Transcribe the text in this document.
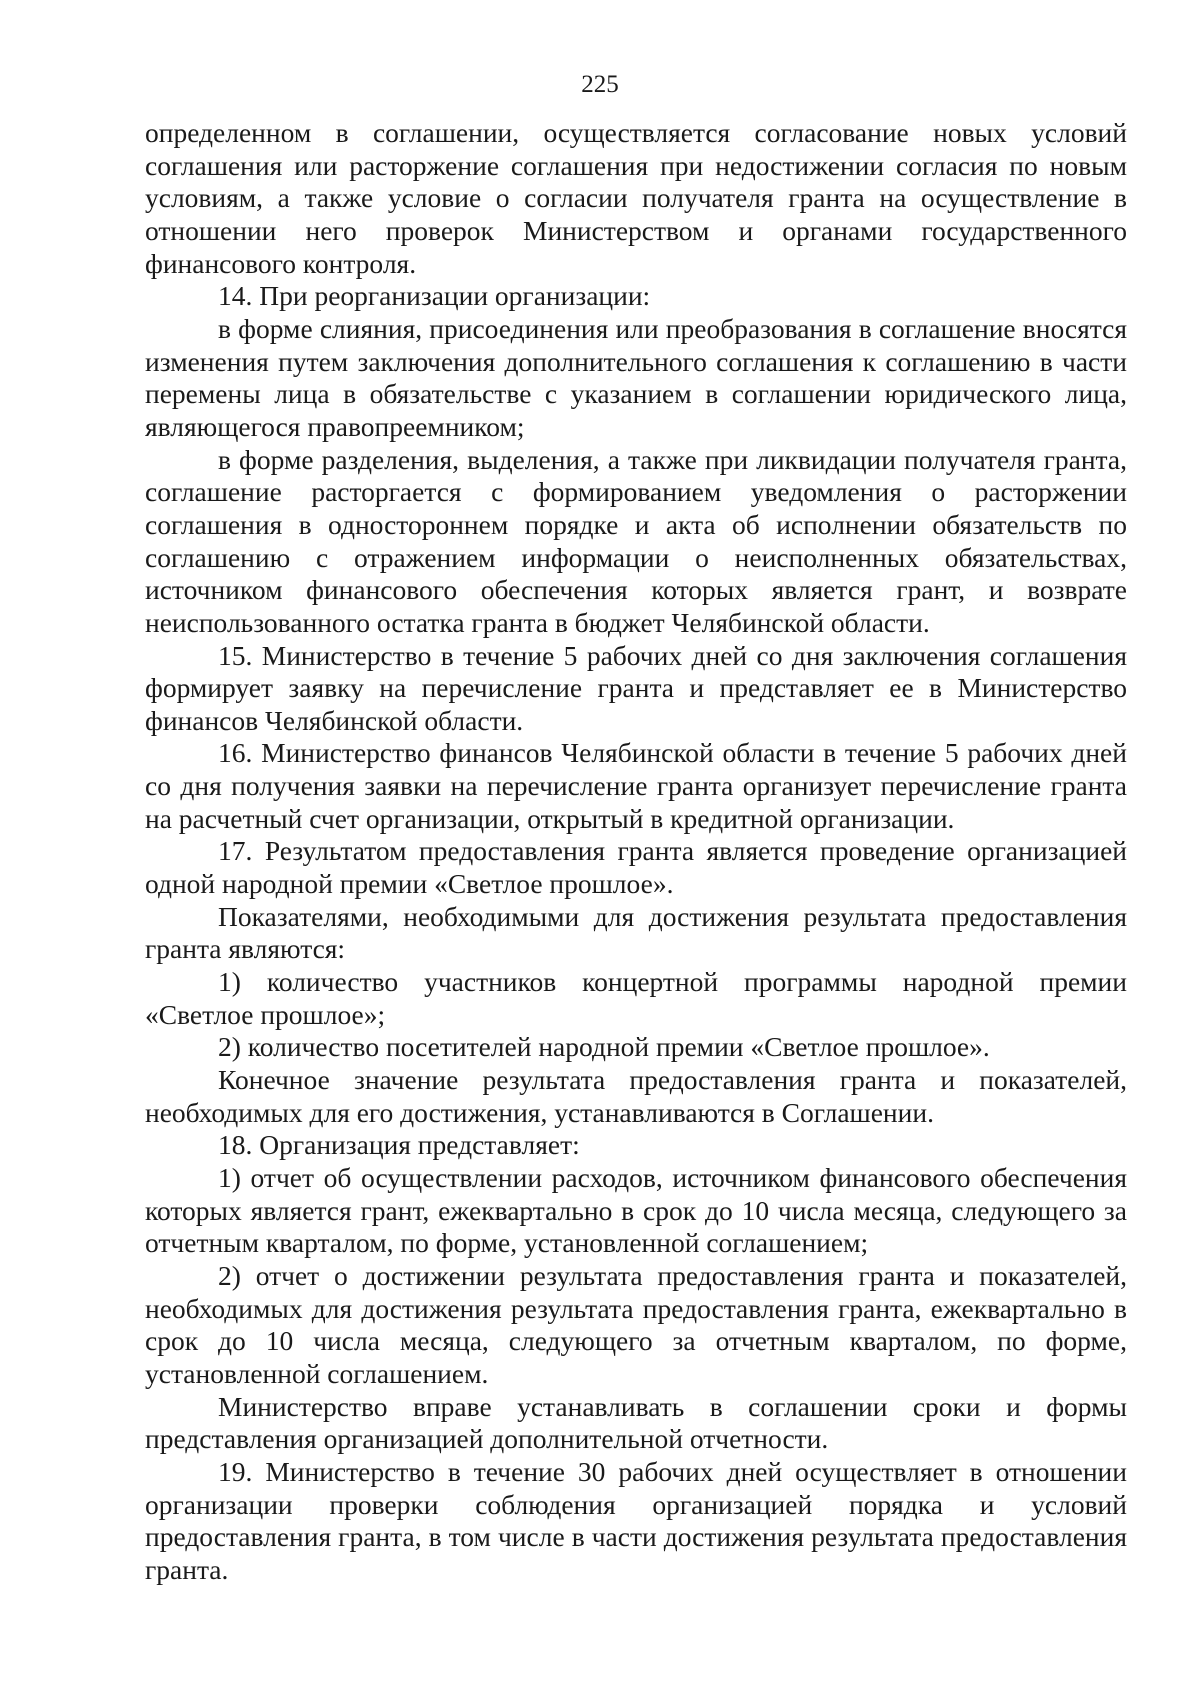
225

определенном в соглашении, осуществляется согласование новых условий соглашения или расторжение соглашения при недостижении согласия по новым условиям, а также условие о согласии получателя гранта на осуществление в отношении него проверок Министерством и органами государственного финансового контроля.

14. При реорганизации организации:

в форме слияния, присоединения или преобразования в соглашение вносятся изменения путем заключения дополнительного соглашения к соглашению в части перемены лица в обязательстве с указанием в соглашении юридического лица, являющегося правопреемником;

в форме разделения, выделения, а также при ликвидации получателя гранта, соглашение расторгается с формированием уведомления о расторжении соглашения в одностороннем порядке и акта об исполнении обязательств по соглашению с отражением информации о неисполненных обязательствах, источником финансового обеспечения которых является грант, и возврате неиспользованного остатка гранта в бюджет Челябинской области.

15. Министерство в течение 5 рабочих дней со дня заключения соглашения формирует заявку на перечисление гранта и представляет ее в Министерство финансов Челябинской области.

16. Министерство финансов Челябинской области в течение 5 рабочих дней со дня получения заявки на перечисление гранта организует перечисление гранта на расчетный счет организации, открытый в кредитной организации.

17. Результатом предоставления гранта является проведение организацией одной народной премии «Светлое прошлое».

Показателями, необходимыми для достижения результата предоставления гранта являются:

1) количество участников концертной программы народной премии «Светлое прошлое»;

2) количество посетителей народной премии «Светлое прошлое».

Конечное значение результата предоставления гранта и показателей, необходимых для его достижения, устанавливаются в Соглашении.

18. Организация представляет:

1) отчет об осуществлении расходов, источником финансового обеспечения которых является грант, ежеквартально в срок до 10 числа месяца, следующего за отчетным кварталом, по форме, установленной соглашением;

2) отчет о достижении результата предоставления гранта и показателей, необходимых для достижения результата предоставления гранта, ежеквартально в срок до 10 числа месяца, следующего за отчетным кварталом, по форме, установленной соглашением.

Министерство вправе устанавливать в соглашении сроки и формы представления организацией дополнительной отчетности.

19. Министерство в течение 30 рабочих дней осуществляет в отношении организации проверки соблюдения организацией порядка и условий предоставления гранта, в том числе в части достижения результата предоставления гранта.
